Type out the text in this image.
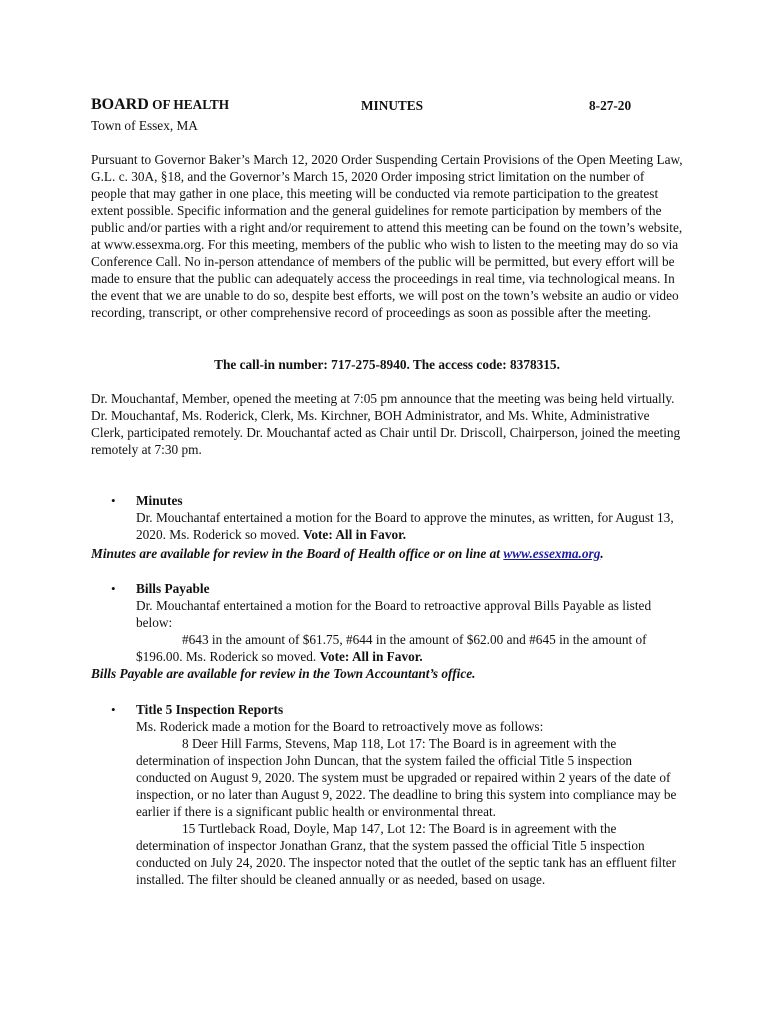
BOARD OF HEALTH	MINUTES	8-27-20
Town of Essex, MA

Pursuant to Governor Baker’s March 12, 2020 Order Suspending Certain Provisions of the Open Meeting Law, G.L. c. 30A, §18, and the Governor’s March 15, 2020 Order imposing strict limitation on the number of people that may gather in one place, this meeting will be conducted via remote participation to the greatest extent possible. Specific information and the general guidelines for remote participation by members of the public and/or parties with a right and/or requirement to attend this meeting can be found on the town’s website, at www.essexma.org. For this meeting, members of the public who wish to listen to the meeting may do so via Conference Call. No in-person attendance of members of the public will be permitted, but every effort will be made to ensure that the public can adequately access the proceedings in real time, via technological means. In the event that we are unable to do so, despite best efforts, we will post on the town’s website an audio or video recording, transcript, or other comprehensive record of proceedings as soon as possible after the meeting.

The call-in number: 717-275-8940. The access code: 8378315.

Dr. Mouchantaf, Member, opened the meeting at 7:05 pm announce that the meeting was being held virtually. Dr. Mouchantaf, Ms. Roderick, Clerk, Ms. Kirchner, BOH Administrator, and Ms. White, Administrative Clerk, participated remotely. Dr. Mouchantaf acted as Chair until Dr. Driscoll, Chairperson, joined the meeting remotely at 7:30 pm.

• Minutes

Dr. Mouchantaf entertained a motion for the Board to approve the minutes, as written, for August 13, 2020. Ms. Roderick so moved. Vote: All in Favor.

Minutes are available for review in the Board of Health office or on line at www.essexma.org.
• Bills Payable

Dr. Mouchantaf entertained a motion for the Board to retroactive approval Bills Payable as listed below:

#643 in the amount of $61.75, #644 in the amount of $62.00 and #645 in the amount of $196.00. Ms. Roderick so moved. Vote: All in Favor.

Bills Payable are available for review in the Town Accountant’s office.
• Title 5 Inspection Reports

Ms. Roderick made a motion for the Board to retroactively move as follows:

8 Deer Hill Farms, Stevens, Map 118, Lot 17: The Board is in agreement with the determination of inspection John Duncan, that the system failed the official Title 5 inspection conducted on August 9, 2020. The system must be upgraded or repaired within 2 years of the date of inspection, or no later than August 9, 2022. The deadline to bring this system into compliance may be earlier if there is a significant public health or environmental threat.

15 Turtleback Road, Doyle, Map 147, Lot 12: The Board is in agreement with the determination of inspector Jonathan Granz, that the system passed the official Title 5 inspection conducted on July 24, 2020. The inspector noted that the outlet of the septic tank has an effluent filter installed. The filter should be cleaned annually or as needed, based on usage.
